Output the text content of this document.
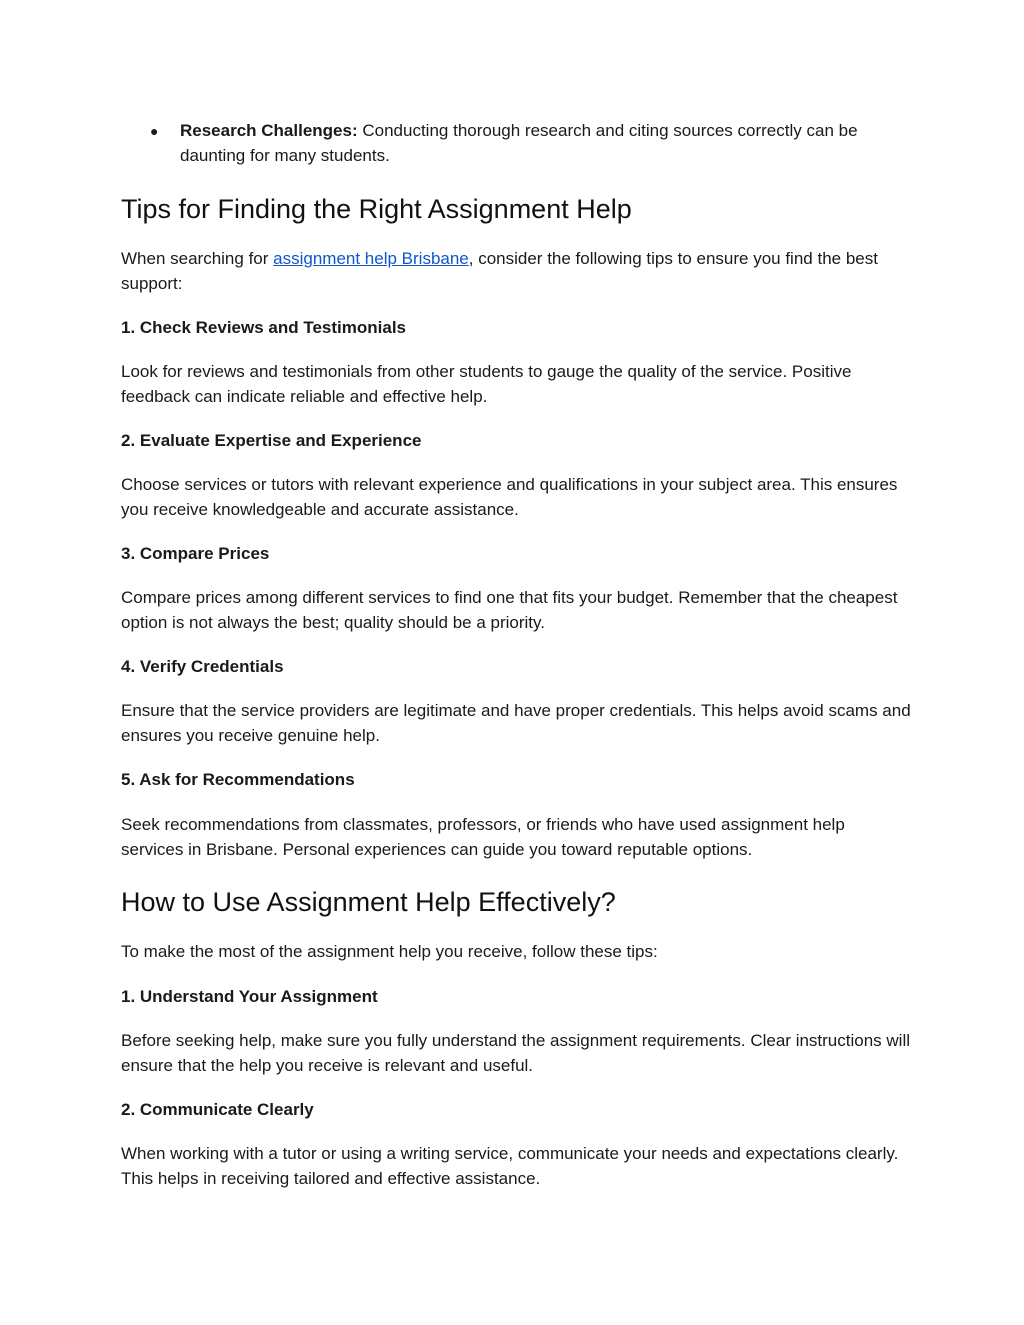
●	Research Challenges: Conducting thorough research and citing sources correctly can be daunting for many students.
Tips for Finding the Right Assignment Help

When searching for assignment help Brisbane, consider the following tips to ensure you find the best support:

1. Check Reviews and Testimonials

Look for reviews and testimonials from other students to gauge the quality of the service. Positive feedback can indicate reliable and effective help.

2. Evaluate Expertise and Experience

Choose services or tutors with relevant experience and qualifications in your subject area. This ensures you receive knowledgeable and accurate assistance.

3. Compare Prices

Compare prices among different services to find one that fits your budget. Remember that the cheapest option is not always the best; quality should be a priority.

4. Verify Credentials

Ensure that the service providers are legitimate and have proper credentials. This helps avoid scams and ensures you receive genuine help.

5. Ask for Recommendations

Seek recommendations from classmates, professors, or friends who have used assignment help services in Brisbane. Personal experiences can guide you toward reputable options.

How to Use Assignment Help Effectively?

To make the most of the assignment help you receive, follow these tips:

1. Understand Your Assignment

Before seeking help, make sure you fully understand the assignment requirements. Clear instructions will ensure that the help you receive is relevant and useful.

2. Communicate Clearly

When working with a tutor or using a writing service, communicate your needs and expectations clearly. This helps in receiving tailored and effective assistance.
